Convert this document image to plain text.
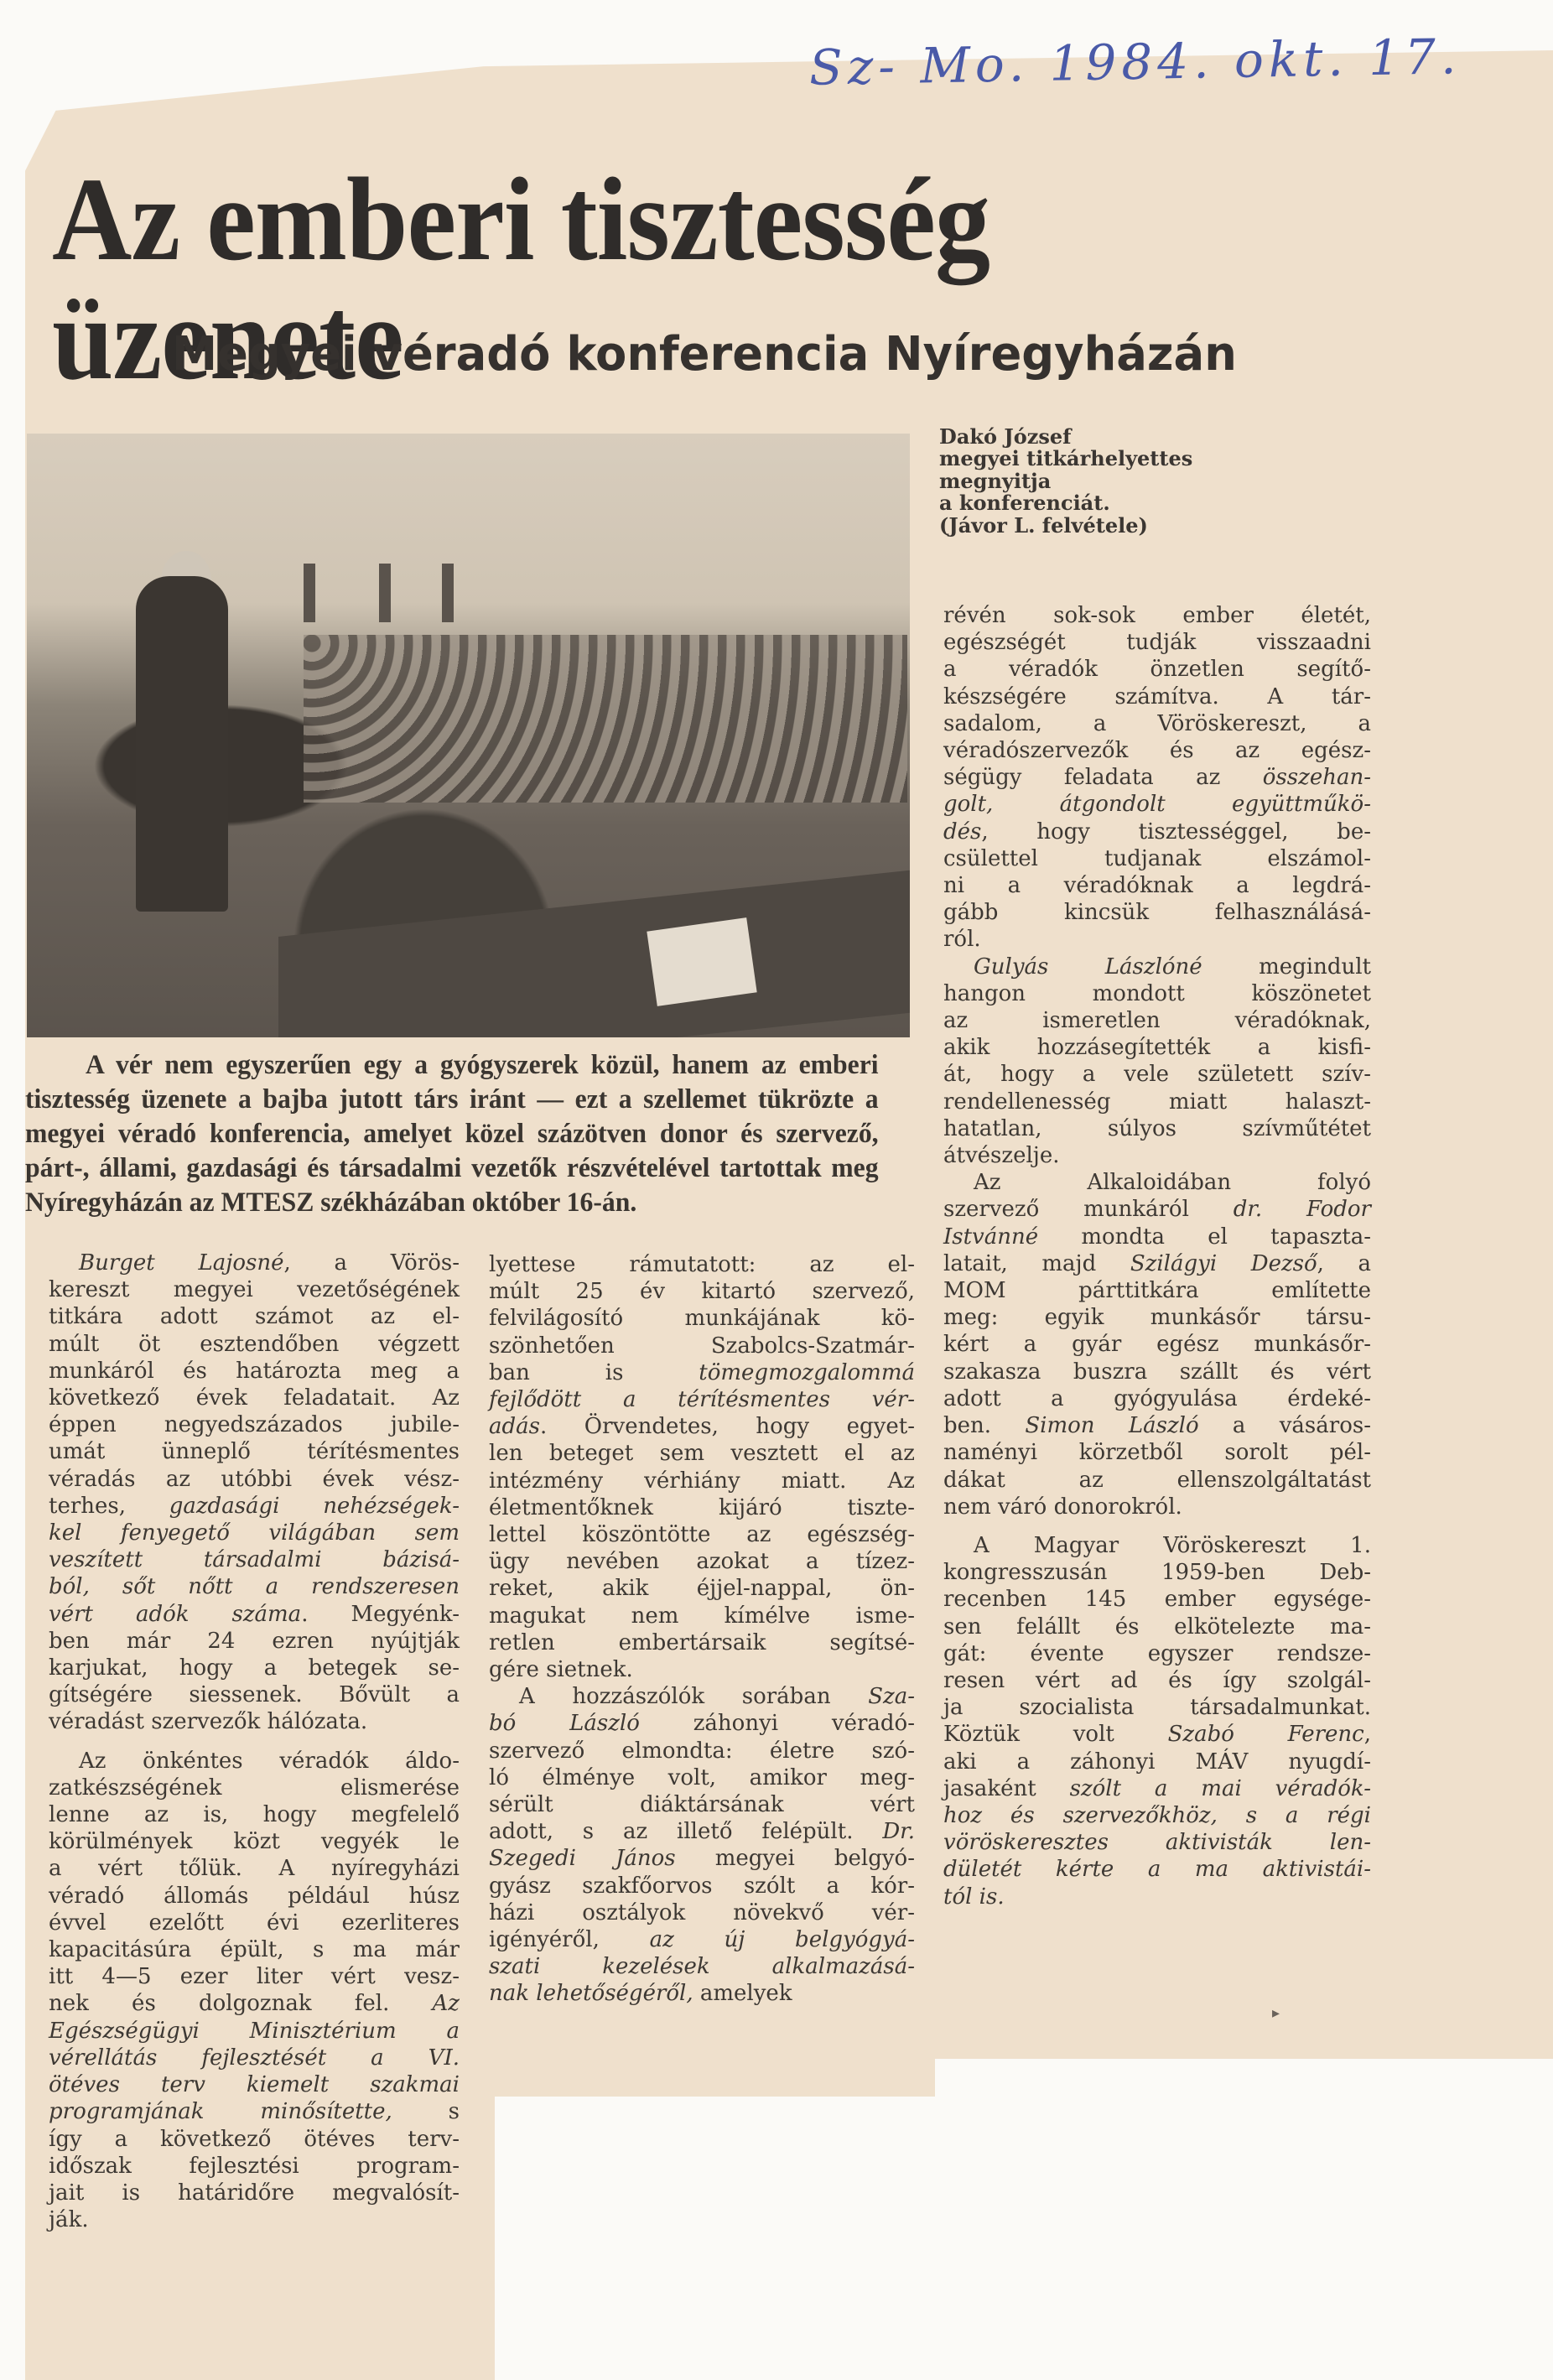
Sz- Mo. 1984. okt. 17.
Az emberi tisztesség üzenete
Megyei véradó konferencia Nyíregyházán
Dakó József
megyei titkárhelyettes
megnyitja
a konferenciát.
(Jávor L. felvétele)

A vér nem egyszerűen egy a gyógyszerek közül, hanem az emberi tisztesség üzenete a bajba jutott társ iránt — ezt a szellemet tükrözte a megyei véradó konferencia, amelyet közel százötven donor és szervező, párt-, állami, gazdasági és társadalmi vezetők részvételével tartottak meg Nyíregyházán az MTESZ székházában október 16-án.

Burget Lajosné, a Vörös-
kereszt megyei vezetőségének
titkára adott számot az el-
múlt öt esztendőben végzett
munkáról és határozta meg a
következő évek feladatait. Az
éppen negyedszázados jubile-
umát ünneplő térítésmentes
véradás az utóbbi évek vész-
terhes, gazdasági nehézségek-
kel fenyegető világában sem
veszített társadalmi bázisá-
ból, sőt nőtt a rendszeresen
vért adók száma. Megyénk-
ben már 24 ezren nyújtják
karjukat, hogy a betegek se-
gítségére siessenek. Bővült a
véradást szervezők hálózata.
Az önkéntes véradók áldo-
zatkészségének elismerése
lenne az is, hogy megfelelő
körülmények közt vegyék le
a vért tőlük. A nyíregyházi
véradó állomás például húsz
évvel ezelőtt évi ezerliteres
kapacitásúra épült, s ma már
itt 4—5 ezer liter vért vesz-
nek és dolgoznak fel. Az
Egészségügyi Minisztérium a
vérellátás fejlesztését a VI.
ötéves terv kiemelt szakmai
programjának minősítette, s
így a következő ötéves terv-
időszak fejlesztési program-
jait is határidőre megvalósít-
ják.
lyettese rámutatott: az el-
múlt 25 év kitartó szervező,
felvilágosító munkájának kö-
szönhetően Szabolcs-Szatmár-
ban is tömegmozgalommá
fejlődött a térítésmentes vér-
adás. Örvendetes, hogy egyet-
len beteget sem vesztett el az
intézmény vérhiány miatt. Az
életmentőknek kijáró tiszte-
lettel köszöntötte az egészség-
ügy nevében azokat a tízez-
reket, akik éjjel-nappal, ön-
magukat nem kímélve isme-
retlen embertársaik segítsé-
gére sietnek.
A hozzászólók sorában Sza-
bó László záhonyi véradó-
szervező elmondta: életre szó-
ló élménye volt, amikor meg-
sérült diáktársának vért
adott, s az illető felépült. Dr.
Szegedi János megyei belgyó-
gyász szakfőorvos szólt a kór-
házi osztályok növekvő vér-
igényéről, az új belgyógyá-
szati kezelések alkalmazásá-
nak lehetőségéről, amelyek
révén sok-sok ember életét,
egészségét tudják visszaadni
a véradók önzetlen segítő-
készségére számítva. A tár-
sadalom, a Vöröskereszt, a
véradószervezők és az egész-
ségügy feladata az összehan-
golt, átgondolt együttműkö-
dés, hogy tisztességgel, be-
csülettel tudjanak elszámol-
ni a véradóknak a legdrá-
gább kincsük felhasználásá-
ról.
Gulyás Lászlóné megindult
hangon mondott köszönetet
az ismeretlen véradóknak,
akik hozzásegítették a kisfi-
át, hogy a vele született szív-
rendellenesség miatt halaszt-
hatatlan, súlyos szívműtétet
átvészelje.
Az Alkaloidában folyó
szervező munkáról dr. Fodor
Istvánné mondta el tapaszta-
latait, majd Szilágyi Dezső, a
MOM párttitkára említette
meg: egyik munkásőr társu-
kért a gyár egész munkásőr-
szakasza buszra szállt és vért
adott a gyógyulása érdeké-
ben. Simon László a vásáros-
naményi körzetből sorolt pél-
dákat az ellenszolgáltatást
nem váró donorokról.
A Magyar Vöröskereszt 1.
kongresszusán 1959-ben Deb-
recenben 145 ember egysége-
sen felállt és elkötelezte ma-
gát: évente egyszer rendsze-
resen vért ad és így szolgál-
ja szocialista társadalmunkat.
Köztük volt Szabó Ferenc,
aki a záhonyi MÁV nyugdí-
jasaként szólt a mai véradók-
hoz és szervezőkhöz, s a régi
vöröskeresztes aktivisták len-
dületét kérte a ma aktivistái-
tól is.
▸
